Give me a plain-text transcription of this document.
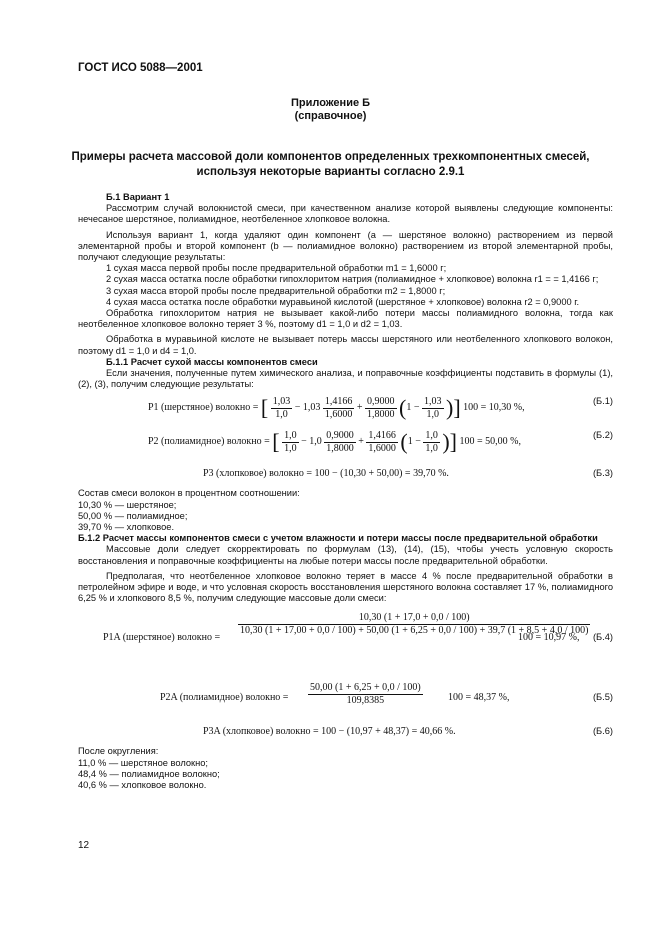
ГОСТ ИСО 5088—2001
Приложение Б
(справочное)
Примеры расчета массовой доли компонентов определенных трехкомпонентных смесей,
используя некоторые варианты согласно 2.9.1

Б.1 Вариант 1

Рассмотрим случай волокнистой смеси, при качественном анализе которой выявлены следующие компоненты: нечесаное шерстяное, полиамидное, неотбеленное хлопковое волокна.

Используя вариант 1, когда удаляют один компонент (a — шерстяное волокно) растворением из первой элементарной пробы и второй компонент (b — полиамидное волокно) растворением из второй элементарной пробы, получают следующие результаты:

1 сухая масса первой пробы после предварительной обработки m1 = 1,6000 г;

2 сухая масса остатка после обработки гипохлоритом натрия (полиамидное + хлопковое) волокна r1 = = 1,4166 г;

3 сухая масса второй пробы после предварительной обработки m2 = 1,8000 г;

4 сухая масса остатка после обработки муравьиной кислотой (шерстяное + хлопковое) волокна r2 = 0,9000 г.

Обработка гипохлоритом натрия не вызывает какой-либо потери массы полиамидного волокна, тогда как неотбеленное хлопковое волокно теряет 3 %, поэтому d1 = 1,0 и d2 = 1,03.

Обработка в муравьиной кислоте не вызывает потерь массы шерстяного или неотбеленного хлопкового волокон, поэтому d1 = 1,0 и d4 = 1,0.

Б.1.1 Расчет сухой массы компонентов смеси

Если значения, полученные путем химического анализа, и поправочные коэффициенты подставить в формулы (1), (2), (3), получим следующие результаты:

P1 (шерстяное) волокно = [ $\frac{1,03}{1,0} - 1,03 \frac{1,4166}{1,6000} + \frac{0,9000}{1,8000} (1 - \frac{1,03}{1,0}$ )] 100 = 10,30 %,
(Б.1)
P2 (полиамидное) волокно = [ $\frac{1,0}{1,0} - 1,0 \frac{0,9000}{1,8000} + \frac{1,4166}{1,6000} (1 - \frac{1,0}{1,0}$ )] 100 = 50,00 %,
(Б.2)
P3 (хлопковое) волокно = 100 − (10,30 + 50,00) = 39,70 %.	(Б.3)

Состав смеси волокон в процентном соотношении:

10,30 % — шерстяное;

50,00 % — полиамидное;

39,70 % — хлопковое.

Б.1.2 Расчет массы компонентов смеси с учетом влажности и потери массы после предварительной обработки

Массовые доли следует скорректировать по формулам (13), (14), (15), чтобы учесть условную скорость восстановления и поправочные коэффициенты на любые потери массы после предварительной обработки.

Предполагая, что неотбеленное хлопковое волокно теряет в массе 4 % после предварительной обработки в петролейном эфире и воде, и что условная скорость восстановления шерстяного волокна составляет 17 %, полиамидного 6,25 % и хлопкового 8,5 %, получим следующие массовые доли смеси:

P1A (шерстяное) волокно =
10,30 (1 + 17,0 + 0,0 / 100)
10,30 (1 + 17,00 + 0,0 / 100) + 50,00 (1 + 6,25 + 0,0 / 100) + 39,7 (1 + 8,5 + 4,0 / 100)
100 = 10,97 %, (Б.4)
P2A (полиамидное) волокно = $\frac{50,00 (1 + 6,25 + 0,0 / 100)}{109,8385}$	100 = 48,37 %,	(Б.5)
P3A (хлопковое) волокно = 100 − (10,97 + 48,37) = 40,66 %.	(Б.6)

После округления:

11,0 % — шерстяное волокно;

48,4 % — полиамидное волокно;

40,6 % — хлопковое волокно.

12
